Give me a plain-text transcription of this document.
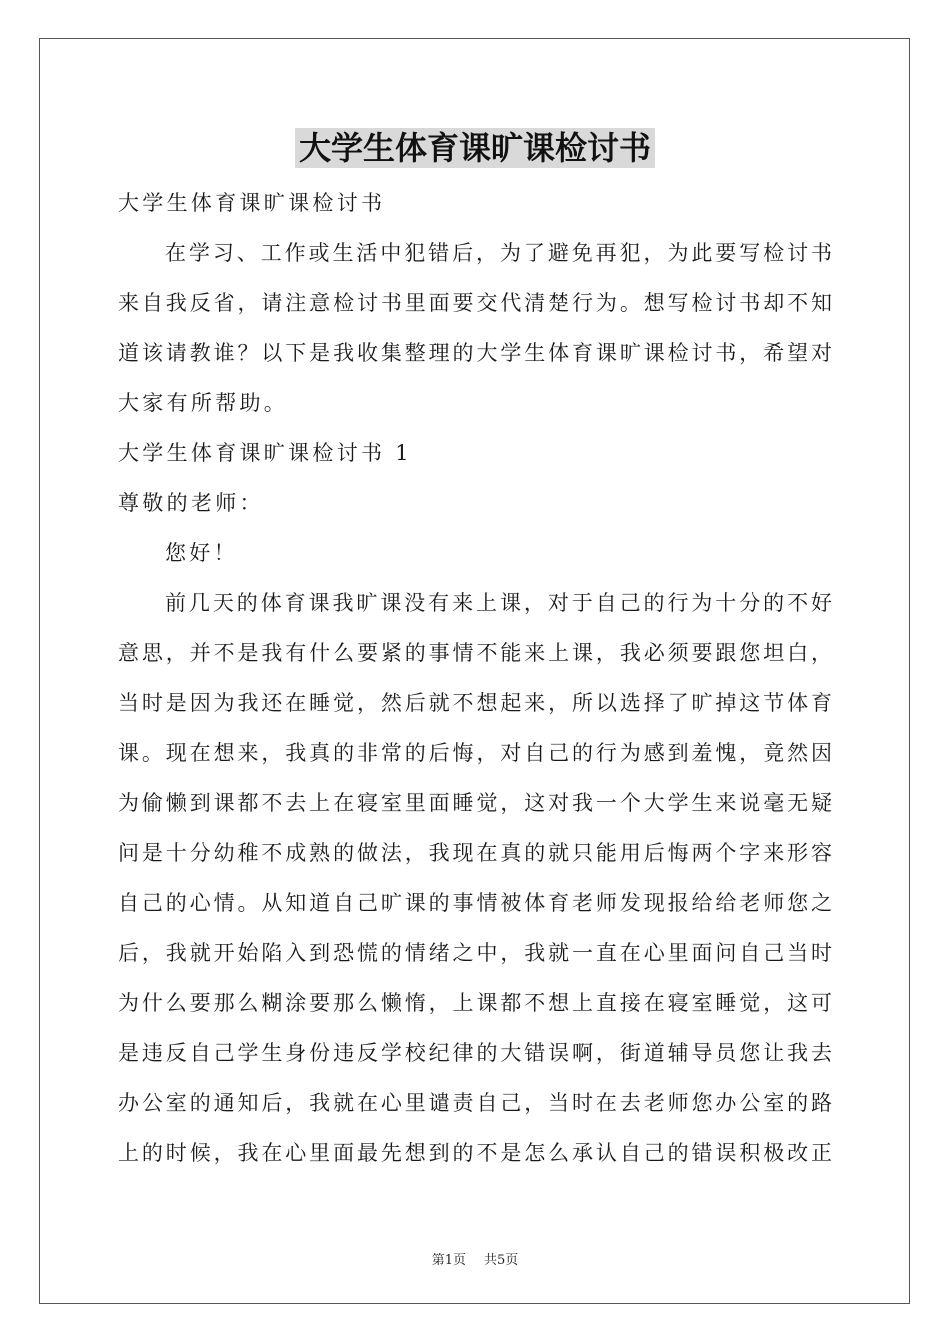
大学生体育课旷课检讨书
大学生体育课旷课检讨书
在学习、工作或生活中犯错后，为了避免再犯，为此要写检讨书
来自我反省，请注意检讨书里面要交代清楚行为。想写检讨书却不知
道该请教谁？以下是我收集整理的大学生体育课旷课检讨书，希望对
大家有所帮助。
大学生体育课旷课检讨书 1
尊敬的老师：
您好！
前几天的体育课我旷课没有来上课，对于自己的行为十分的不好
意思，并不是我有什么要紧的事情不能来上课，我必须要跟您坦白，
当时是因为我还在睡觉，然后就不想起来，所以选择了旷掉这节体育
课。现在想来，我真的非常的后悔，对自己的行为感到羞愧，竟然因
为偷懒到课都不去上在寝室里面睡觉，这对我一个大学生来说毫无疑
问是十分幼稚不成熟的做法，我现在真的就只能用后悔两个字来形容
自己的心情。从知道自己旷课的事情被体育老师发现报给给老师您之
后，我就开始陷入到恐慌的情绪之中，我就一直在心里面问自己当时
为什么要那么糊涂要那么懒惰，上课都不想上直接在寝室睡觉，这可
是违反自己学生身份违反学校纪律的大错误啊，街道辅导员您让我去
办公室的通知后，我就在心里谴责自己，当时在去老师您办公室的路
上的时候，我在心里面最先想到的不是怎么承认自己的错误积极改正
第1页 共5页
